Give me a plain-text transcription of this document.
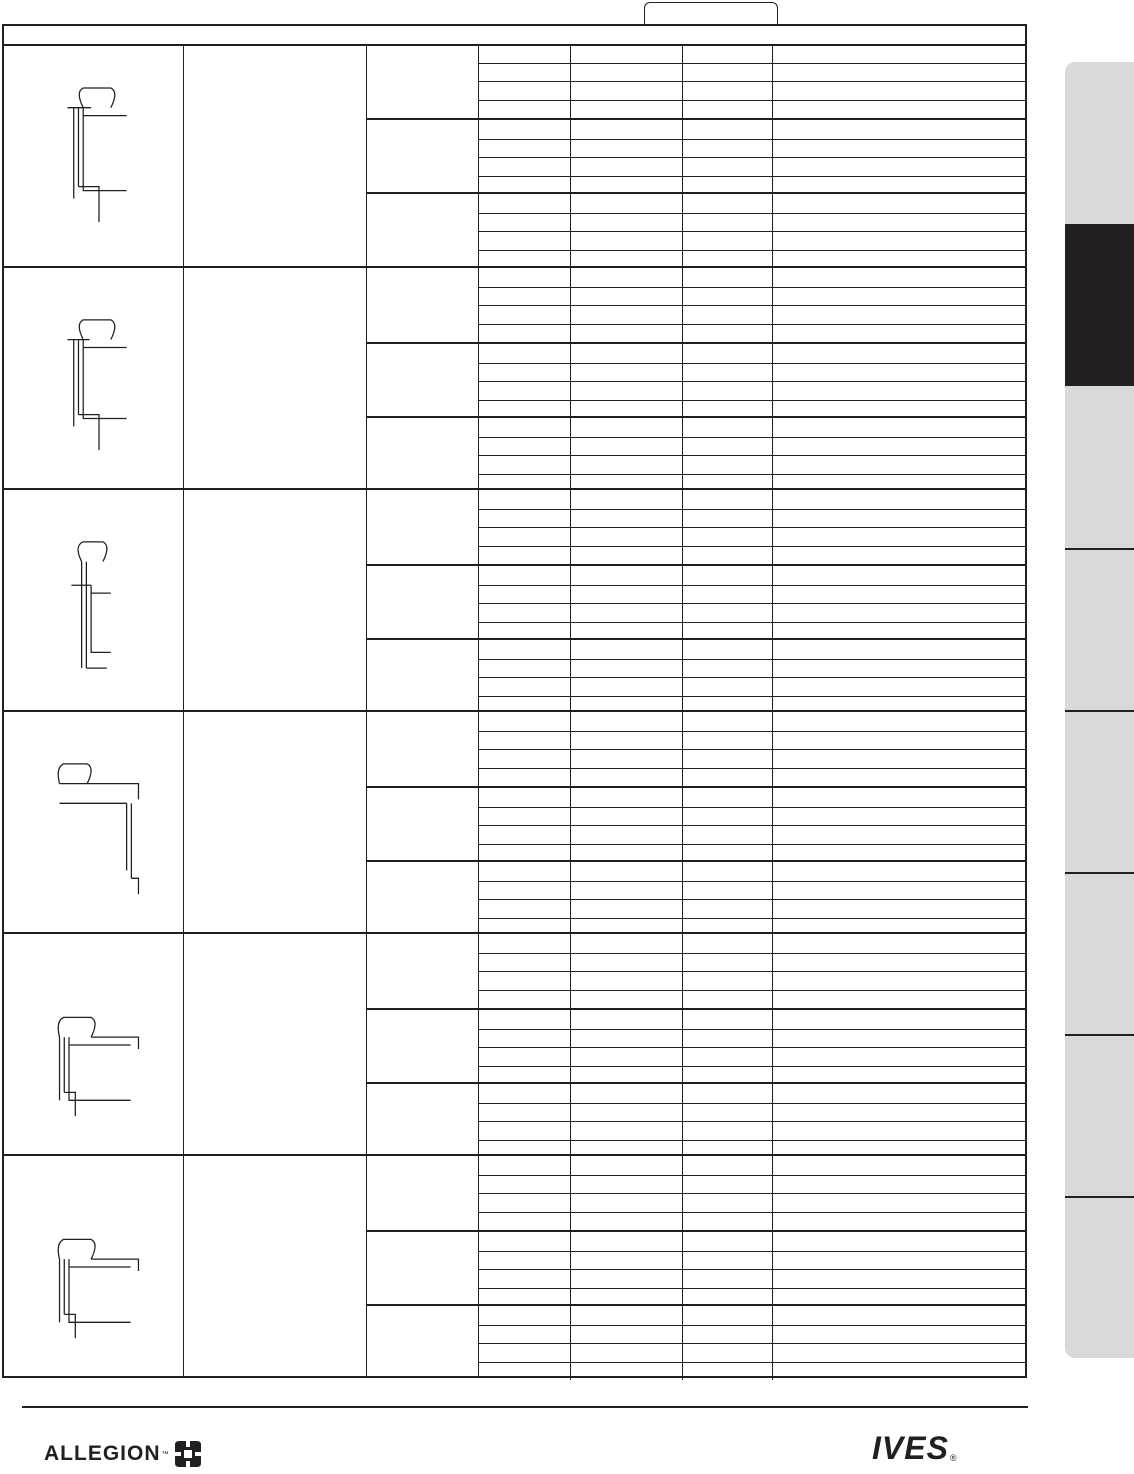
ALLEGION ™	IVES ®
